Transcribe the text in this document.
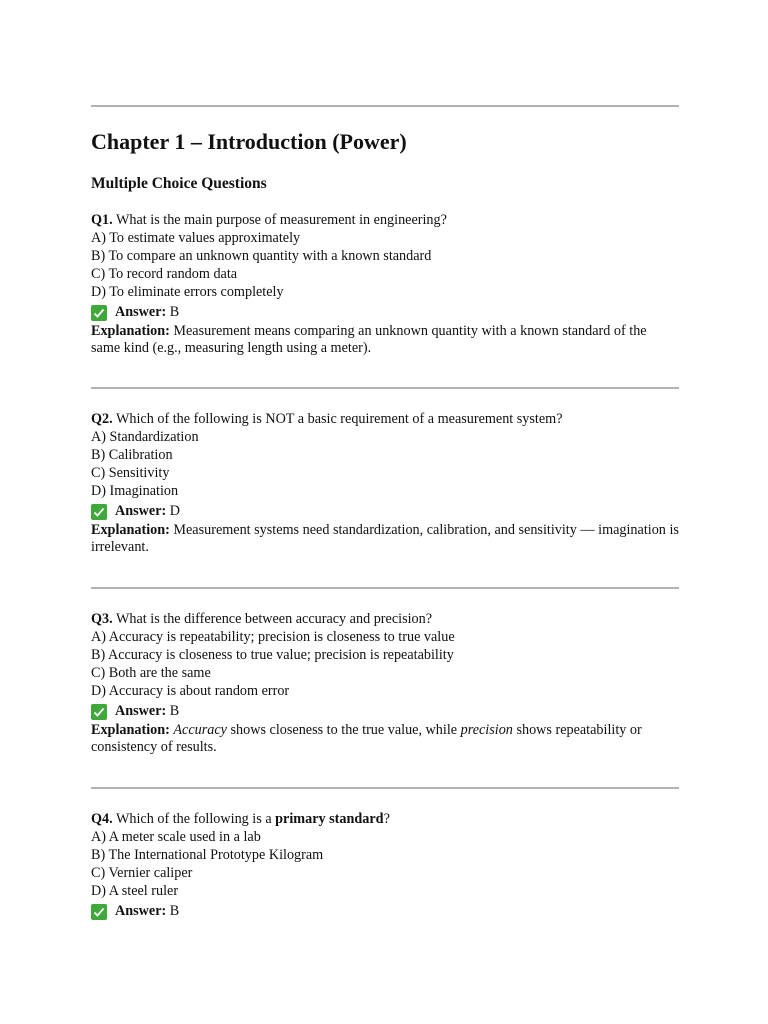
Chapter 1 – Introduction (Power)
Multiple Choice Questions
Q1. What is the main purpose of measurement in engineering?
A) To estimate values approximately
B) To compare an unknown quantity with a known standard
C) To record random data
D) To eliminate errors completely
Answer:
B
Explanation: Measurement means comparing an unknown quantity with a known standard of the same kind (e.g., measuring length using a meter).
Q2. Which of the following is NOT a basic requirement of a measurement system?
A) Standardization
B) Calibration
C) Sensitivity
D) Imagination
Answer:
D
Explanation: Measurement systems need standardization, calibration, and sensitivity — imagination is irrelevant.
Q3. What is the difference between accuracy and precision?
A) Accuracy is repeatability; precision is closeness to true value
B) Accuracy is closeness to true value; precision is repeatability
C) Both are the same
D) Accuracy is about random error
Answer:
B
Explanation: Accuracy shows closeness to the true value, while precision shows repeatability or consistency of results.
Q4. Which of the following is a primary standard?
A) A meter scale used in a lab
B) The International Prototype Kilogram
C) Vernier caliper
D) A steel ruler
Answer:
B
